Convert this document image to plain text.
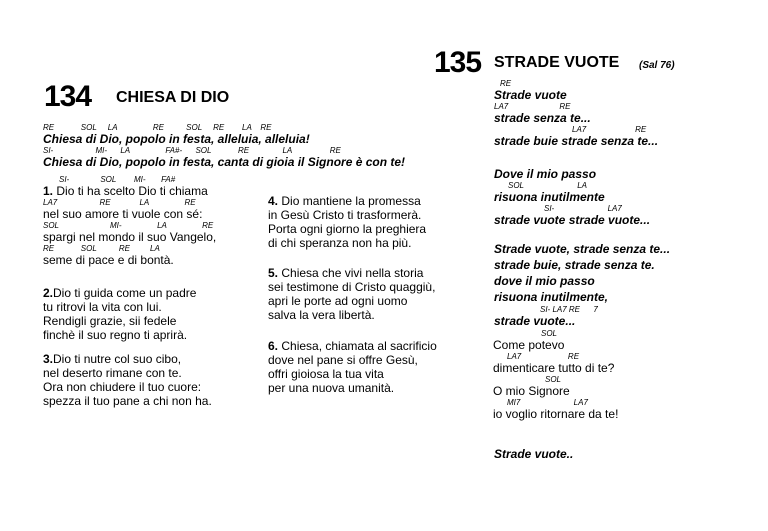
134 CHIESA DI DIO
RE            SOL     LA                RE          SOL     RE        LA    RE
Chiesa di Dio, popolo in festa, alleluia, alleluia!
SI-                   MI-      LA                FA#-      SOL            RE               LA                 RE
Chiesa di Dio, popolo in festa, canta di gioia il Signore è con te!
SI-              SOL        MI-       FA#
1. Dio ti ha scelto Dio ti chiama
LA7                   RE             LA                RE
nel suo amore ti vuole con sé:
SOL                       MI-                LA                RE
spargi nel mondo il suo Vangelo,
RE            SOL          RE         LA
seme di pace e di bontà.
2.Dio ti guida come un padre
tu ritrovi la vita con lui.
Rendigli grazie, sii fedele
finchè il suo regno ti aprirà.
3.Dio ti nutre col suo cibo,
nel deserto rimane con te.
Ora non chiudere il tuo cuore:
spezza il tuo pane a chi non ha.
4. Dio mantiene la promessa
in Gesù Cristo ti trasformerà.
Porta ogni giorno la preghiera
di chi speranza non ha più.
5. Chiesa che vivi nella storia
sei testimone di Cristo quaggiù,
apri le porte ad ogni uomo
salva la vera libertà.
6. Chiesa, chiamata al sacrificio
dove nel pane si offre Gesù,
offri gioiosa la tua vita
per una nuova umanità.
135 STRADE VUOTE (Sal 76)
RE
Strade vuote
LA7                       RE
strade senza te...
LA7                      RE
strade buie strade senza te...
Dove il mio passo
SOL                        LA
risuona inutilmente
SI-                        LA7
strade vuote strade vuote...
Strade vuote, strade senza te...
strade buie, strade senza te.
dove il mio passo
risuona inutilmente,
SI- LA7 RE      7
strade vuote...
SOL
Come potevo
LA7                     RE
dimenticare tutto di te?
SOL
O mio Signore
MI7                        LA7
io voglio ritornare da te!
Strade vuote..
